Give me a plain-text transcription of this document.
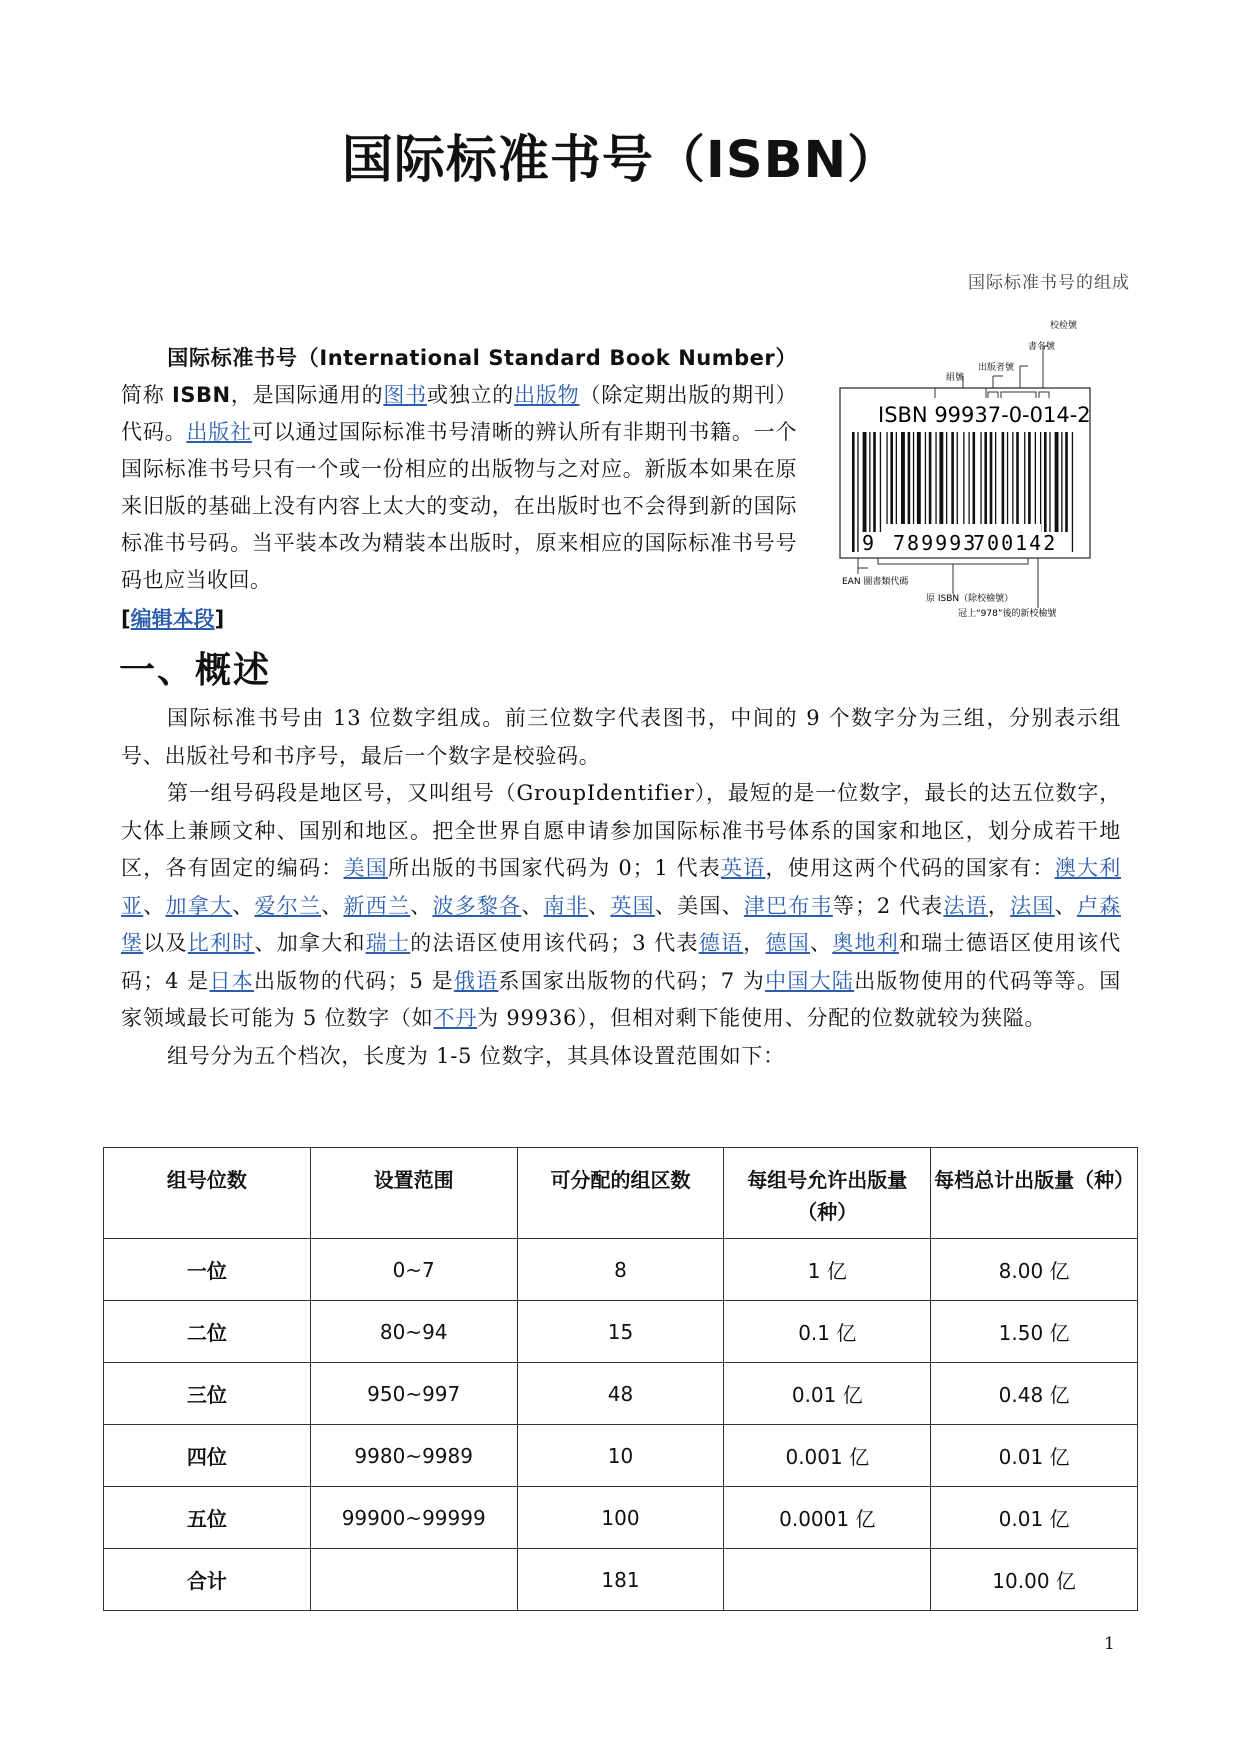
国际标准书号（ISBN）
国际标准书号的组成
校检號
書名號
出版者號
組號
ISBN 99937-0-014-2
9 789993
700142
EAN 圖書類代碼
原 ISBN（除校檢號）
冠上“978”後的新校檢號
国际标准书号（International Standard Book Number）简称 ISBN，是国际通用的图书或独立的出版物（除定期出版的期刊）代码。出版社可以通过国际标准书号清晰的辨认所有非期刊书籍。一个国际标准书号只有一个或一份相应的出版物与之对应。新版本如果在原来旧版的基础上没有内容上太大的变动，在出版时也不会得到新的国际标准书号码。当平装本改为精装本出版时，原来相应的国际标准书号号码也应当收回。
[编辑本段]
一、概述

国际标准书号由 13 位数字组成。前三位数字代表图书，中间的 9 个数字分为三组，分别表示组号、出版社号和书序号，最后一个数字是校验码。

第一组号码段是地区号，又叫组号（GroupIdentifier），最短的是一位数字，最长的达五位数字，大体上兼顾文种、国别和地区。把全世界自愿申请参加国际标准书号体系的国家和地区，划分成若干地区，各有固定的编码：美国所出版的书国家代码为 0；1 代表英语，使用这两个代码的国家有：澳大利亚、加拿大、爱尔兰、新西兰、波多黎各、南非、英国、美国、津巴布韦等；2 代表法语，法国、卢森堡以及比利时、加拿大和瑞士的法语区使用该代码；3 代表德语，德国、奥地利和瑞士德语区使用该代码；4 是日本出版物的代码；5 是俄语系国家出版物的代码；7 为中国大陆出版物使用的代码等等。国家领域最长可能为 5 位数字（如不丹为 99936），但相对剩下能使用、分配的位数就较为狭隘。

组号分为五个档次，长度为 1-5 位数字，其具体设置范围如下：

组号位数	设置范围	可分配的组区数	每组号允许出版量（种）	每档总计出版量（种）
一位	0~7	8	1 亿	8.00 亿
二位	80~94	15	0.1 亿	1.50 亿
三位	950~997	48	0.01 亿	0.48 亿
四位	9980~9989	10	0.001 亿	0.01 亿
五位	99900~99999	100	0.0001 亿	0.01 亿
合计		181		10.00 亿
1
